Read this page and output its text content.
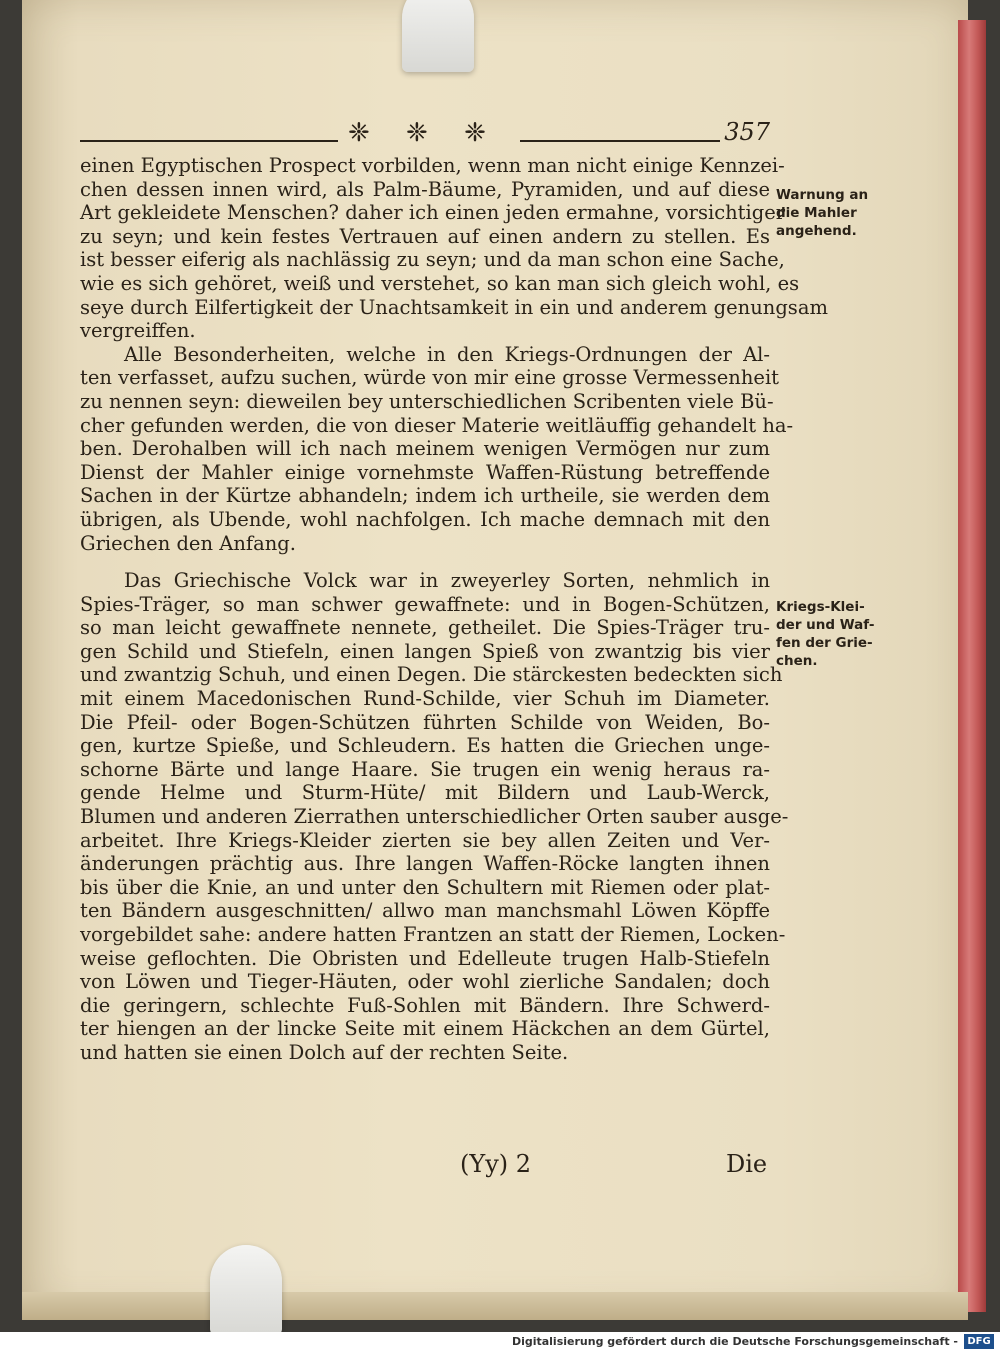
❈ ❈ ❈	357
einen Egyptischen Prospect vorbilden, wenn man nicht einige Kennzei-
chen dessen innen wird, als Palm-Bäume, Pyramiden, und auf diese
Art gekleidete Menschen? daher ich einen jeden ermahne, vorsichtiger
zu seyn; und kein festes Vertrauen auf einen andern zu stellen. Es
ist besser eiferig als nachlässig zu seyn; und da man schon eine Sache,
wie es sich gehöret, weiß und verstehet, so kan man sich gleich wohl, es
seye durch Eilfertigkeit der Unachtsamkeit in ein und anderem genungsam
vergreiffen.
Alle Besonderheiten, welche in den Kriegs-Ordnungen der Al-
ten verfasset, aufzu suchen, würde von mir eine grosse Vermessenheit
zu nennen seyn: dieweilen bey unterschiedlichen Scribenten viele Bü-
cher gefunden werden, die von dieser Materie weitläuffig gehandelt ha-
ben. Derohalben will ich nach meinem wenigen Vermögen nur zum
Dienst der Mahler einige vornehmste Waffen-Rüstung betreffende
Sachen in der Kürtze abhandeln; indem ich urtheile, sie werden dem
übrigen, als Ubende, wohl nachfolgen. Ich mache demnach mit den
Griechen den Anfang.
Das Griechische Volck war in zweyerley Sorten, nehmlich in
Spies-Träger, so man schwer gewaffnete: und in Bogen-Schützen,
so man leicht gewaffnete nennete, getheilet. Die Spies-Träger tru-
gen Schild und Stiefeln, einen langen Spieß von zwantzig bis vier
und zwantzig Schuh, und einen Degen. Die stärckesten bedeckten sich
mit einem Macedonischen Rund-Schilde, vier Schuh im Diameter.
Die Pfeil- oder Bogen-Schützen führten Schilde von Weiden, Bo-
gen, kurtze Spieße, und Schleudern. Es hatten die Griechen unge-
schorne Bärte und lange Haare. Sie trugen ein wenig heraus ra-
gende Helme und Sturm-Hüte/ mit Bildern und Laub-Werck,
Blumen und anderen Zierrathen unterschiedlicher Orten sauber ausge-
arbeitet. Ihre Kriegs-Kleider zierten sie bey allen Zeiten und Ver-
änderungen prächtig aus. Ihre langen Waffen-Röcke langten ihnen
bis über die Knie, an und unter den Schultern mit Riemen oder plat-
ten Bändern ausgeschnitten/ allwo man manchsmahl Löwen Köpffe
vorgebildet sahe: andere hatten Frantzen an statt der Riemen, Locken-
weise geflochten. Die Obristen und Edelleute trugen Halb-Stiefeln
von Löwen und Tieger-Häuten, oder wohl zierliche Sandalen; doch
die geringern, schlechte Fuß-Sohlen mit Bändern. Ihre Schwerd-
ter hiengen an der lincke Seite mit einem Häckchen an dem Gürtel,
und hatten sie einen Dolch auf der rechten Seite.
Warnung an
die Mahler
angehend.
Kriegs-Klei-
der und Waf-
fen der Grie-
chen.
(Yy) 2	Die
Digitalisierung gefördert durch die Deutsche Forschungsgemeinschaft - DFG
